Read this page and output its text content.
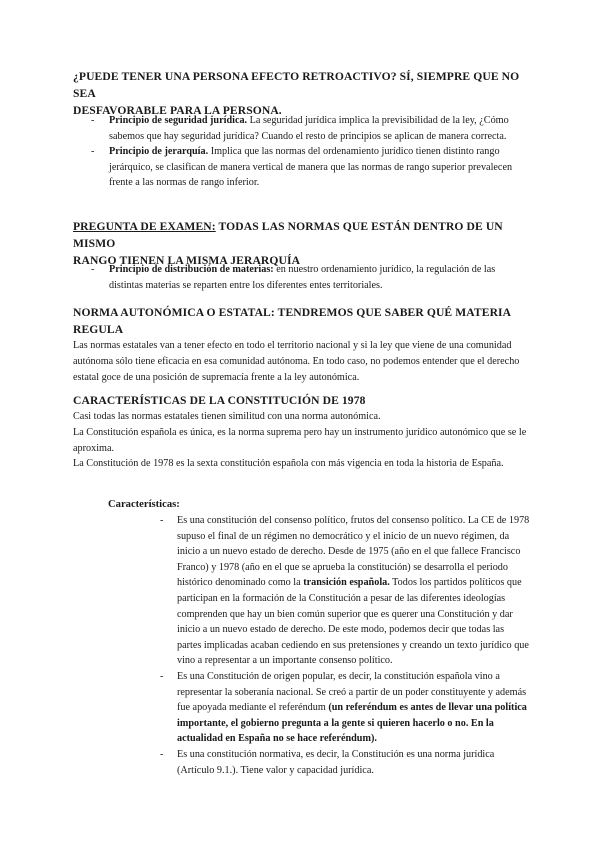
¿PUEDE TENER UNA PERSONA EFECTO RETROACTIVO? SÍ, SIEMPRE QUE NO SEA
DESFAVORABLE PARA LA PERSONA.
- Principio de seguridad jurídica. La seguridad jurídica implica la previsibilidad de la ley, ¿Cómo sabemos que hay seguridad jurídica? Cuando el resto de principios se aplican de manera correcta.
- Principio de jerarquía. Implica que las normas del ordenamiento jurídico tienen distinto rango jerárquico, se clasifican de manera vertical de manera que las normas de rango superior prevalecen frente a las normas de rango inferior.
PREGUNTA DE EXAMEN: TODAS LAS NORMAS QUE ESTÁN DENTRO DE UN MISMO
RANGO TIENEN LA MISMA JERARQUÍA
- Principio de distribución de materias: en nuestro ordenamiento jurídico, la regulación de las distintas materias se reparten entre los diferentes entes territoriales.
NORMA AUTONÓMICA O ESTATAL: TENDREMOS QUE SABER QUÉ MATERIA
REGULA

Las normas estatales van a tener efecto en todo el territorio nacional y si la ley que viene de una comunidad autónoma sólo tiene eficacia en esa comunidad autónoma. En todo caso, no podemos entender que el derecho estatal goce de una posición de supremacía frente a la ley autonómica.

CARACTERÍSTICAS DE LA CONSTITUCIÓN DE 1978

Casi todas las normas estatales tienen similitud con una norma autonómica.

La Constitución española es única, es la norma suprema pero hay un instrumento jurídico autonómico que se le aproxima.

La Constitución de 1978 es la sexta constitución española con más vigencia en toda la historia de España.

Características:
- Es una constitución del consenso político, frutos del consenso político. La CE de 1978 supuso el final de un régimen no democrático y el inicio de un nuevo régimen, da inicio a un nuevo estado de derecho. Desde de 1975 (año en el que fallece Francisco Franco) y 1978 (año en el que se aprueba la constitución) se desarrolla el periodo histórico denominado como la transición española. Todos los partidos políticos que participan en la formación de la Constitución a pesar de las diferentes ideologías comprenden que hay un bien común superior que es querer una Constitución y dar inicio a un nuevo estado de derecho. De este modo, podemos decir que todas las partes implicadas acaban cediendo en sus pretensiones y creando un texto jurídico que vino a representar a un importante consenso político.
- Es una Constitución de origen popular, es decir, la constitución española vino a representar la soberanía nacional. Se creó a partir de un poder constituyente y además fue apoyada mediante el referéndum (un referéndum es antes de llevar una política importante, el gobierno pregunta a la gente si quieren hacerlo o no. En la actualidad en España no se hace referéndum).
- Es una constitución normativa, es decir, la Constitución es una norma jurídica (Artículo 9.1.). Tiene valor y capacidad jurídica.
